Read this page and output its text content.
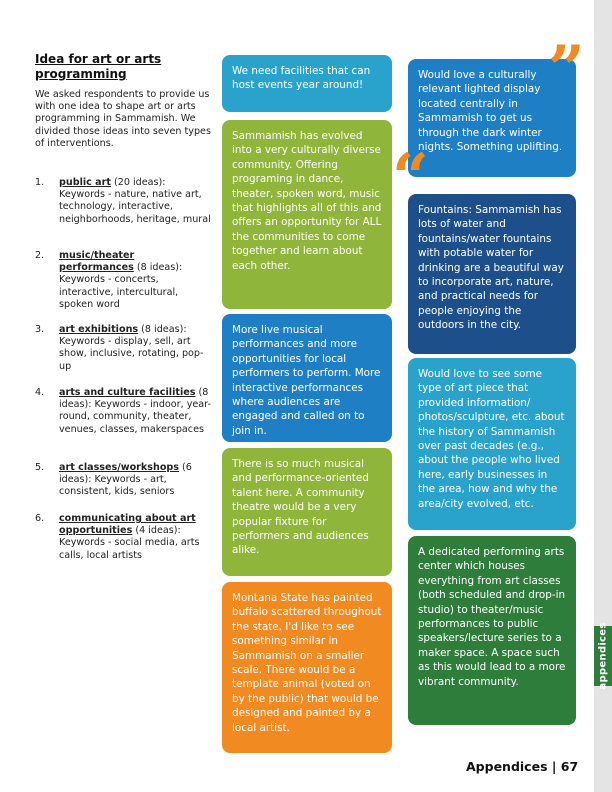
appendices
Idea for art or arts programming
We asked respondents to provide us with one idea to shape art or arts programming in Sammamish. We divided those ideas into seven types of interventions.
1. public art (20 ideas): Keywords - nature, native art, technology, interactive, neighborhoods, heritage, mural
2. music/theater performances (8 ideas): Keywords - concerts, interactive, intercultural, spoken word
3. art exhibitions (8 ideas): Keywords - display, sell, art show, inclusive, rotating, pop-up
4. arts and culture facilities (8 ideas): Keywords - indoor, year-round, community, theater, venues, classes, makerspaces
5. art classes/workshops (6 ideas): Keywords - art, consistent, kids, seniors
6. communicating about art opportunities (4 ideas): Keywords - social media, arts calls, local artists
We need facilities that can host events year around!
Sammamish has evolved into a very culturally diverse community. Offering programing in dance, theater, spoken word, music that highlights all of this and offers an opportunity for ALL the communities to come together and learn about each other.
More live musical performances and more opportunities for local performers to perform. More interactive performances where audiences are engaged and called on to join in.
There is so much musical and performance-oriented talent here. A community theatre would be a very popular fixture for performers and audiences alike.
Montana State has painted buffalo scattered throughout the state, I'd like to see something similar in Sammamish on a smaller scale. There would be a template animal (voted on by the public) that would be designed and painted by a local artist.
Would love a culturally relevant lighted display located centrally in Sammamish to get us through the dark winter nights. Something uplifting.
Fountains: Sammamish has lots of water and fountains/water fountains with potable water for drinking are a beautiful way to incorporate art, nature, and practical needs for people enjoying the outdoors in the city.
Would love to see some type of art piece that provided information/ photos/sculpture, etc. about the history of Sammamish over past decades (e.g., about the people who lived here, early businesses in the area, how and why the area/city evolved, etc.
A dedicated performing arts center which houses everything from art classes (both scheduled and drop-in studio) to theater/music performances to public speakers/lecture series to a maker space. A space such as this would lead to a more vibrant community.
”
“
Appendices | 67
